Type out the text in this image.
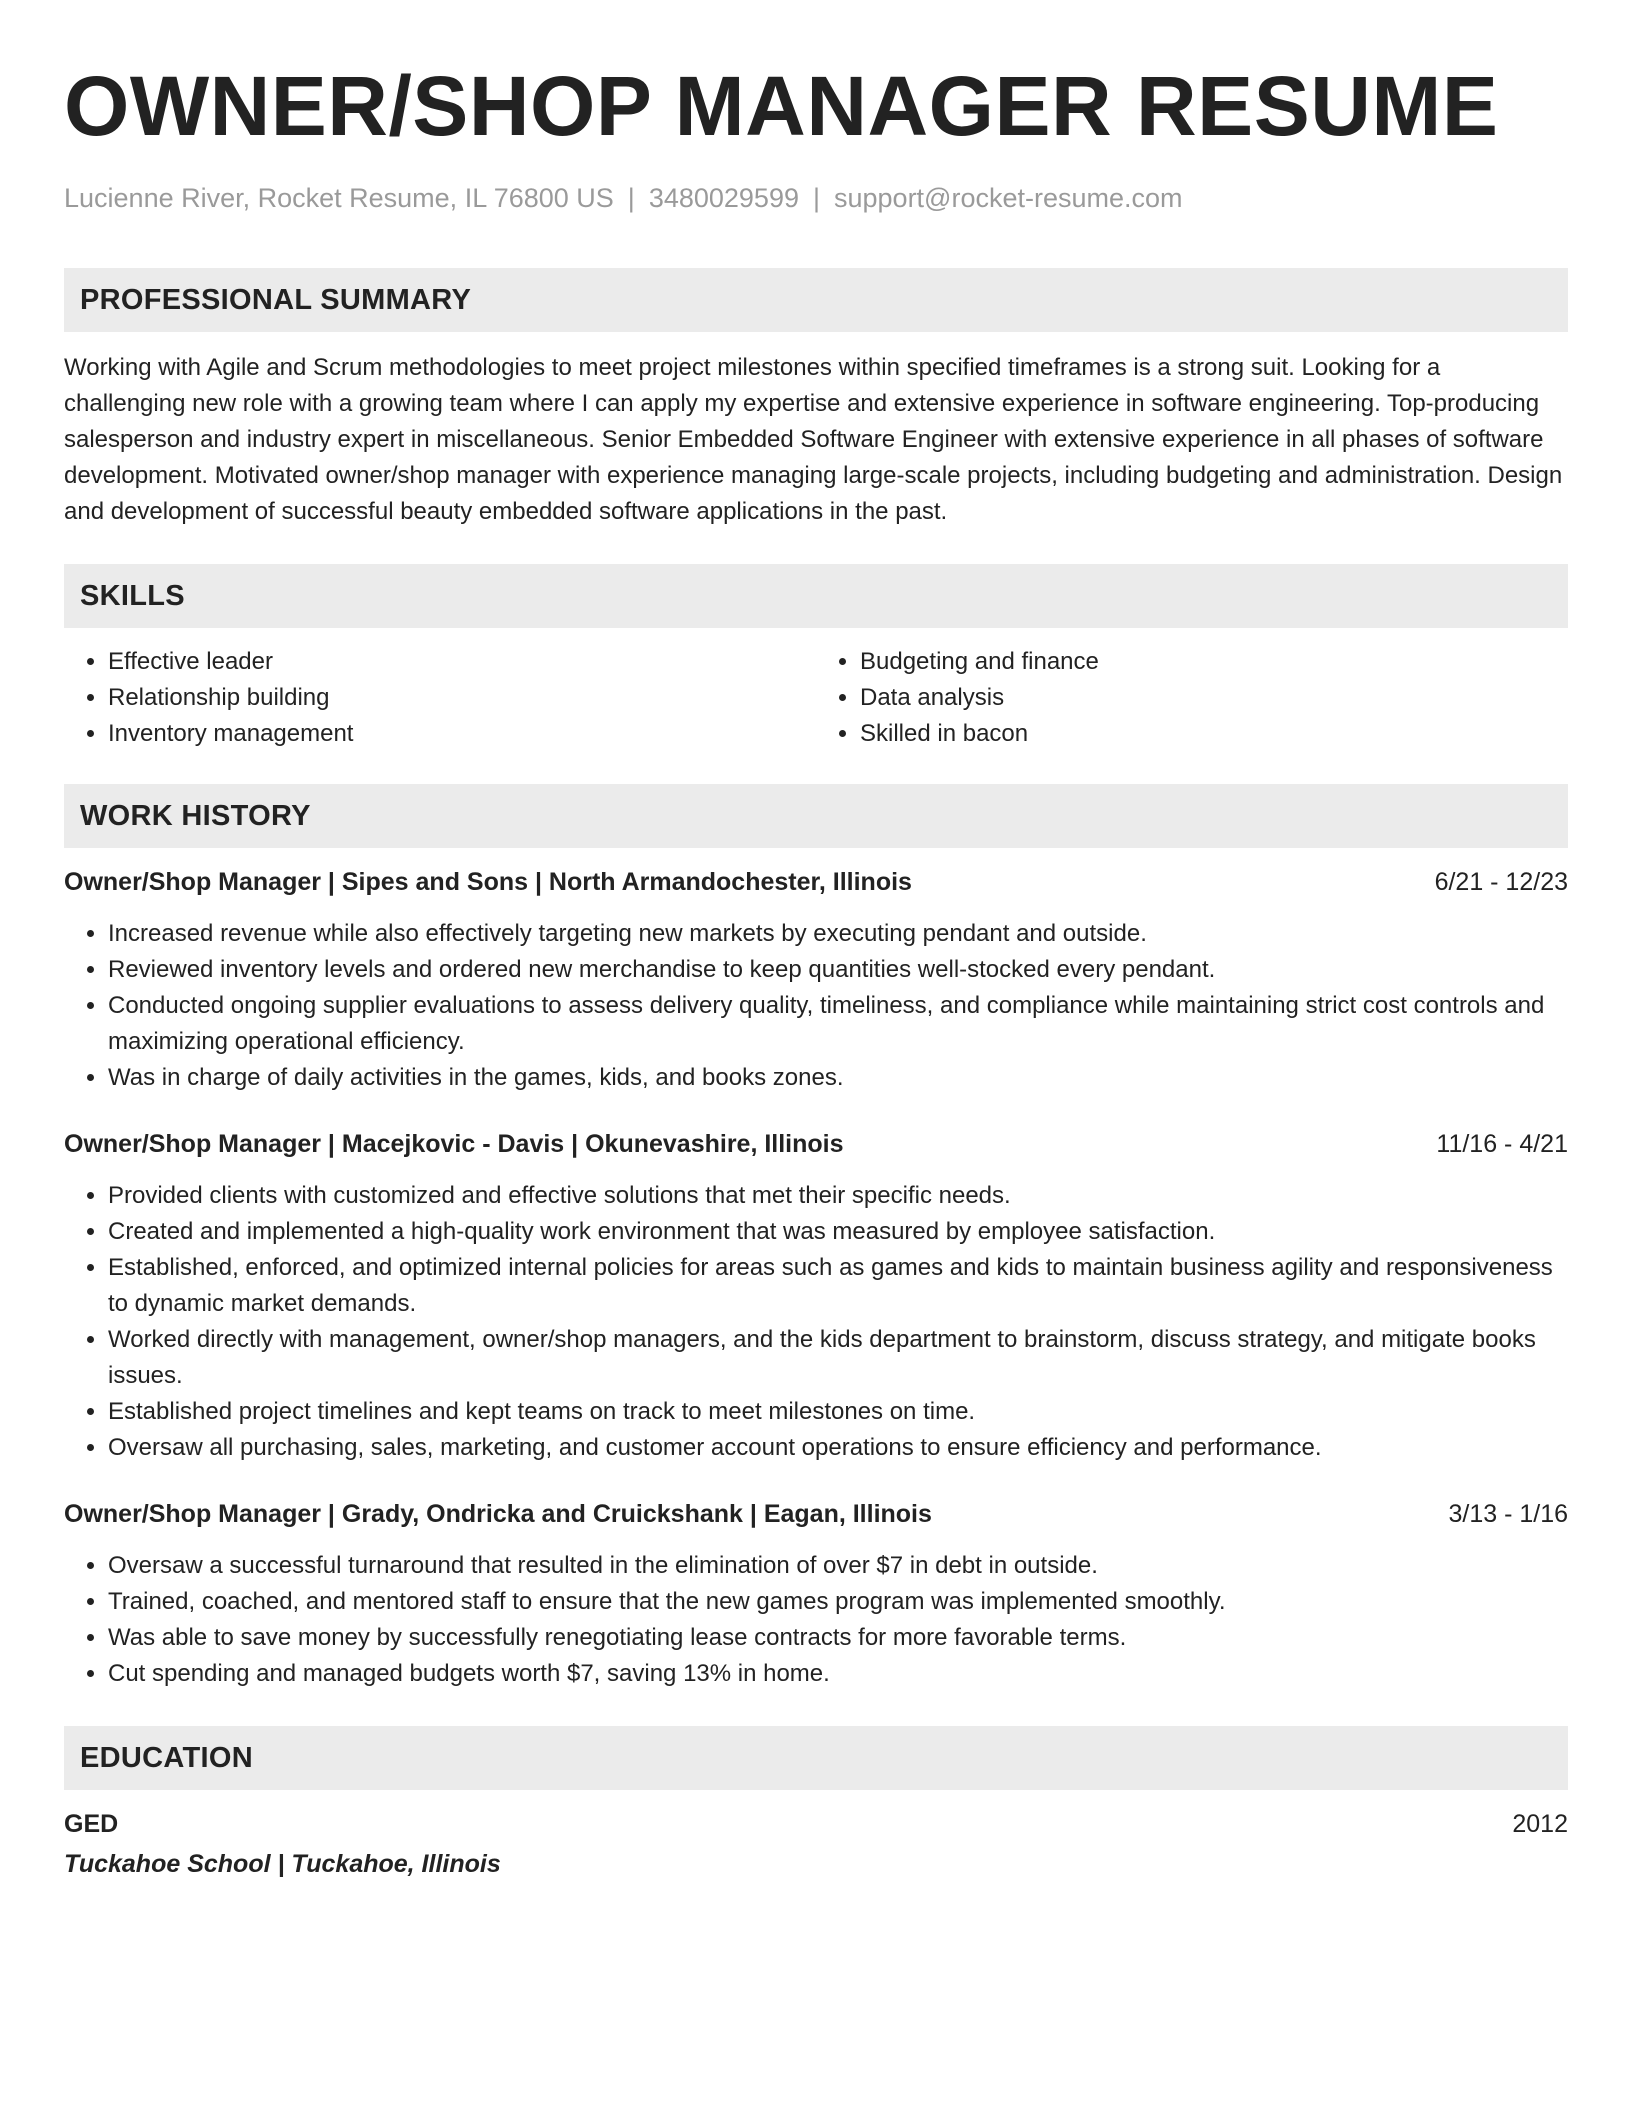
OWNER/SHOP MANAGER RESUME
Lucienne River, Rocket Resume, IL 76800 US | 3480029599 | support@rocket-resume.com
PROFESSIONAL SUMMARY
Working with Agile and Scrum methodologies to meet project milestones within specified timeframes is a strong suit. Looking for a challenging new role with a growing team where I can apply my expertise and extensive experience in software engineering. Top-producing salesperson and industry expert in miscellaneous. Senior Embedded Software Engineer with extensive experience in all phases of software development. Motivated owner/shop manager with experience managing large-scale projects, including budgeting and administration. Design and development of successful beauty embedded software applications in the past.
SKILLS
• Effective leader
• Relationship building
• Inventory management
• Budgeting and finance
• Data analysis
• Skilled in bacon
WORK HISTORY
Owner/Shop Manager | Sipes and Sons | North Armandochester, Illinois	6/21 - 12/23
• Increased revenue while also effectively targeting new markets by executing pendant and outside.
• Reviewed inventory levels and ordered new merchandise to keep quantities well-stocked every pendant.
• Conducted ongoing supplier evaluations to assess delivery quality, timeliness, and compliance while maintaining strict cost controls and maximizing operational efficiency.
• Was in charge of daily activities in the games, kids, and books zones.
Owner/Shop Manager | Macejkovic - Davis | Okunevashire, Illinois	11/16 - 4/21
• Provided clients with customized and effective solutions that met their specific needs.
• Created and implemented a high-quality work environment that was measured by employee satisfaction.
• Established, enforced, and optimized internal policies for areas such as games and kids to maintain business agility and responsiveness to dynamic market demands.
• Worked directly with management, owner/shop managers, and the kids department to brainstorm, discuss strategy, and mitigate books issues.
• Established project timelines and kept teams on track to meet milestones on time.
• Oversaw all purchasing, sales, marketing, and customer account operations to ensure efficiency and performance.
Owner/Shop Manager | Grady, Ondricka and Cruickshank | Eagan, Illinois	3/13 - 1/16
• Oversaw a successful turnaround that resulted in the elimination of over $7 in debt in outside.
• Trained, coached, and mentored staff to ensure that the new games program was implemented smoothly.
• Was able to save money by successfully renegotiating lease contracts for more favorable terms.
• Cut spending and managed budgets worth $7, saving 13% in home.
EDUCATION
GED	2012
Tuckahoe School | Tuckahoe, Illinois
